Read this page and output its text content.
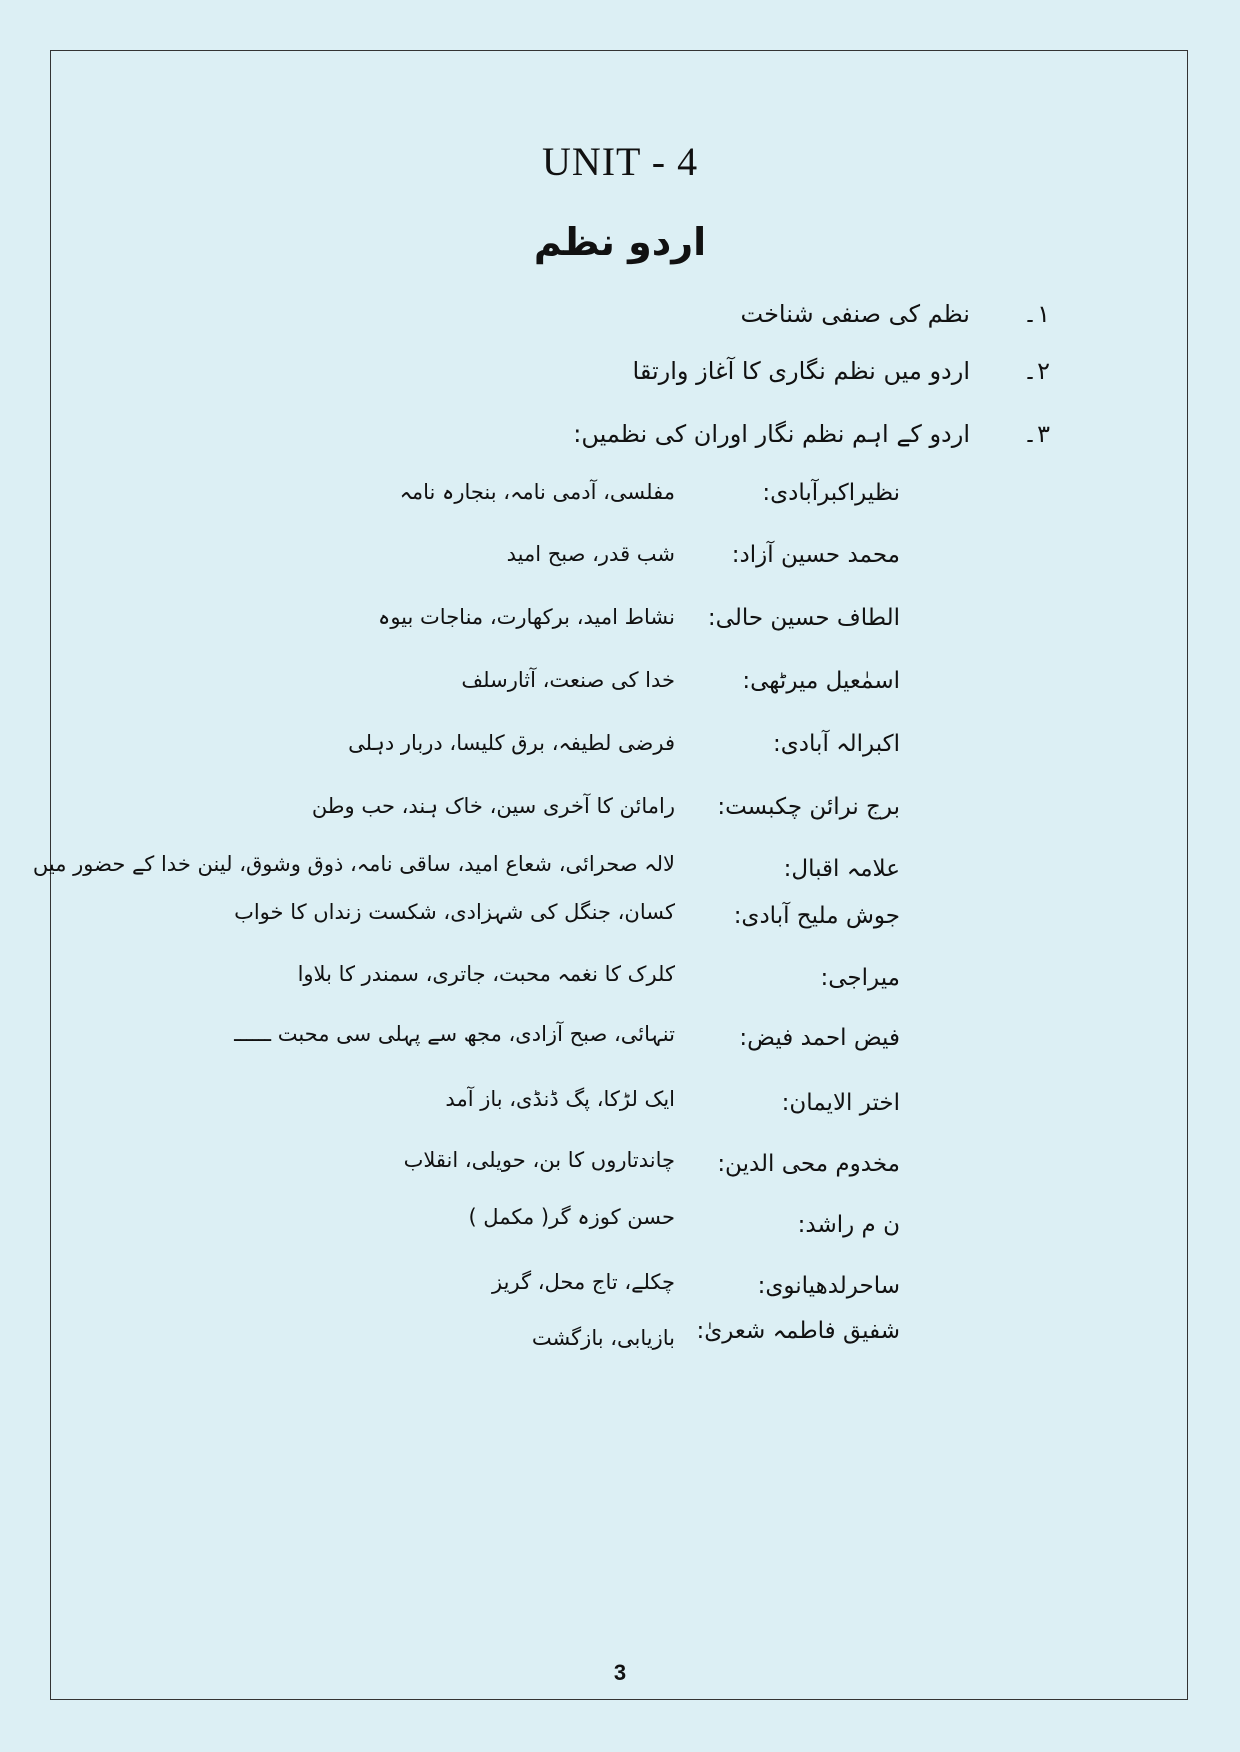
UNIT - 4
اردو نظم
۱۔
نظم کی صنفی شناخت
۲۔
اردو میں نظم نگاری کا آغاز وارتقا
۳۔
اردو کے اہم نظم نگار اوران کی نظمیں:
نظیراکبرآبادی:
مفلسی، آدمی نامہ، بنجارہ نامہ
محمد حسین آزاد:
شب قدر، صبح امید
الطاف حسین حالی:
نشاط امید، برکھارت، مناجات بیوہ
اسمٰعیل میرٹھی:
خدا کی صنعت، آثارسلف
اکبرالہ آبادی:
فرضی لطیفہ، برق کلیسا، دربار دہلی
برج نرائن چکبست:
رامائن کا آخری سین، خاک ہند، حب وطن
علامہ اقبال:
لالہ صحرائی، شعاع امید، ساقی نامہ، ذوق وشوق، لینن خدا کے حضور میں
جوش ملیح آبادی:
کسان، جنگل کی شہزادی، شکست زنداں کا خواب
میراجی:
کلرک کا نغمہ محبت، جاتری، سمندر کا بلاوا
فیض احمد فیض:
تنہائی، صبح آزادی، مجھ سے پہلی سی محبت ــــــ
اختر الایمان:
ایک لڑکا، پگ ڈنڈی، باز آمد
مخدوم محی الدین:
چاندتاروں کا بن، حویلی، انقلاب
ن م راشد:
حسن کوزہ گر( مکمل )
ساحرلدھیانوی:
چکلے، تاج محل، گریز
شفیق فاطمہ شعریٰ:
بازیابی، بازگشت
3
